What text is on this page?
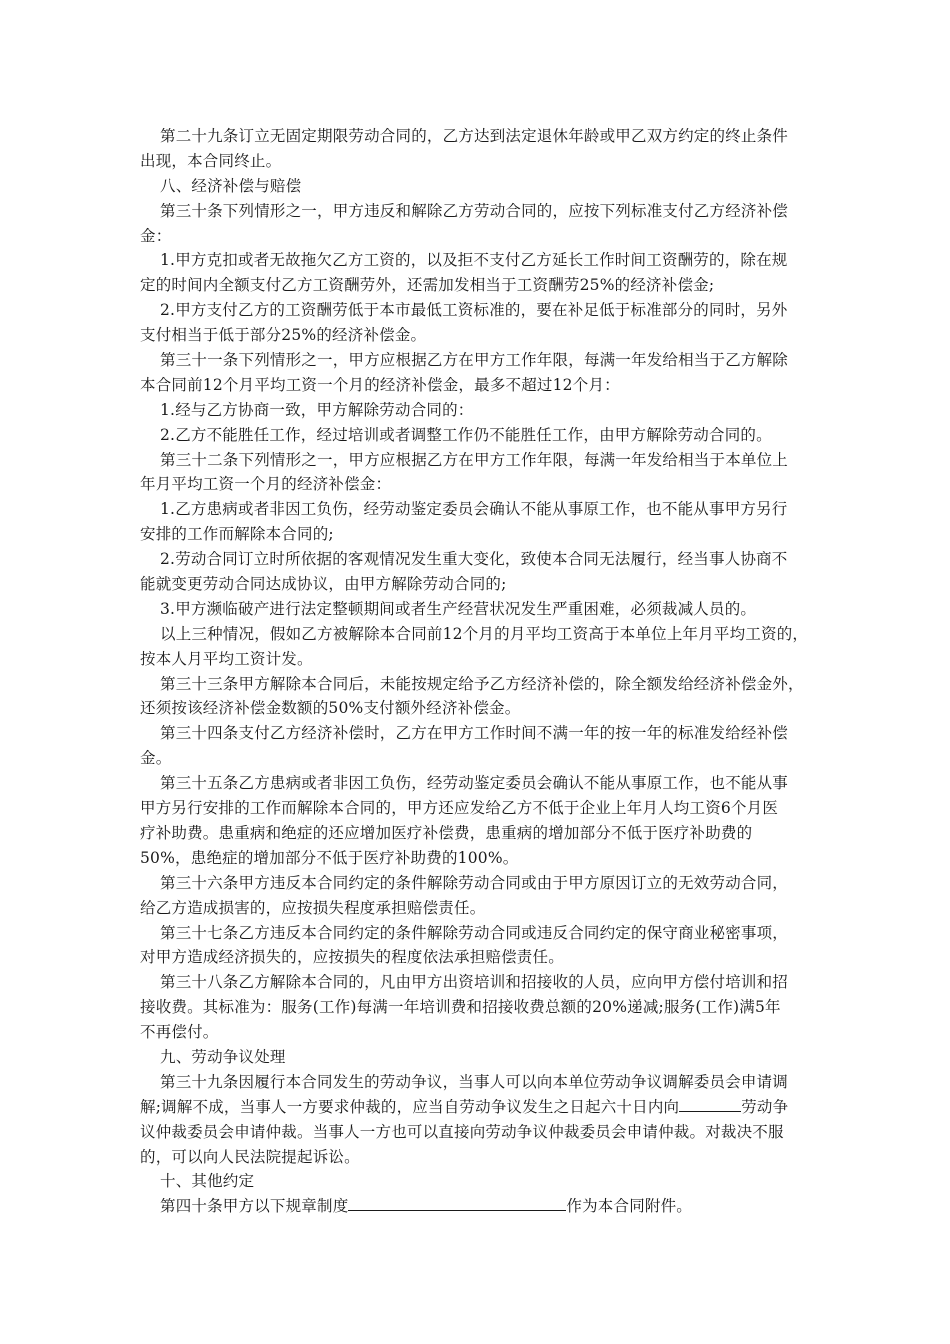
第二十九条订立无固定期限劳动合同的，乙方达到法定退休年龄或甲乙双方约定的终止条件
出现，本合同终止。
八、经济补偿与赔偿
第三十条下列情形之一，甲方违反和解除乙方劳动合同的，应按下列标准支付乙方经济补偿
金：
1.甲方克扣或者无故拖欠乙方工资的，以及拒不支付乙方延长工作时间工资酬劳的，除在规
定的时间内全额支付乙方工资酬劳外，还需加发相当于工资酬劳25%的经济补偿金;
2.甲方支付乙方的工资酬劳低于本市最低工资标准的，要在补足低于标准部分的同时，另外
支付相当于低于部分25%的经济补偿金。
第三十一条下列情形之一，甲方应根据乙方在甲方工作年限，每满一年发给相当于乙方解除
本合同前12个月平均工资一个月的经济补偿金，最多不超过12个月：
1.经与乙方协商一致，甲方解除劳动合同的：
2.乙方不能胜任工作，经过培训或者调整工作仍不能胜任工作，由甲方解除劳动合同的。
第三十二条下列情形之一，甲方应根据乙方在甲方工作年限，每满一年发给相当于本单位上
年月平均工资一个月的经济补偿金：
1.乙方患病或者非因工负伤，经劳动鉴定委员会确认不能从事原工作，也不能从事甲方另行
安排的工作而解除本合同的;
2.劳动合同订立时所依据的客观情况发生重大变化，致使本合同无法履行，经当事人协商不
能就变更劳动合同达成协议，由甲方解除劳动合同的;
3.甲方濒临破产进行法定整顿期间或者生产经营状况发生严重困难，必须裁减人员的。
以上三种情况，假如乙方被解除本合同前12个月的月平均工资高于本单位上年月平均工资的，
按本人月平均工资计发。
第三十三条甲方解除本合同后，未能按规定给予乙方经济补偿的，除全额发给经济补偿金外，
还须按该经济补偿金数额的50%支付额外经济补偿金。
第三十四条支付乙方经济补偿时，乙方在甲方工作时间不满一年的按一年的标准发给经补偿
金。
第三十五条乙方患病或者非因工负伤，经劳动鉴定委员会确认不能从事原工作，也不能从事
甲方另行安排的工作而解除本合同的，甲方还应发给乙方不低于企业上年月人均工资6个月医
疗补助费。患重病和绝症的还应增加医疗补偿费，患重病的增加部分不低于医疗补助费的
50%，患绝症的增加部分不低于医疗补助费的100%。
第三十六条甲方违反本合同约定的条件解除劳动合同或由于甲方原因订立的无效劳动合同，
给乙方造成损害的，应按损失程度承担赔偿责任。
第三十七条乙方违反本合同约定的条件解除劳动合同或违反合同约定的保守商业秘密事项，
对甲方造成经济损失的，应按损失的程度依法承担赔偿责任。
第三十八条乙方解除本合同的，凡由甲方出资培训和招接收的人员，应向甲方偿付培训和招
接收费。其标准为：服务(工作)每满一年培训费和招接收费总额的20%递减;服务(工作)满5年
不再偿付。
九、劳动争议处理
第三十九条因履行本合同发生的劳动争议，当事人可以向本单位劳动争议调解委员会申请调
解;调解不成，当事人一方要求仲裁的，应当自劳动争议发生之日起六十日内向	劳动争
议仲裁委员会申请仲裁。当事人一方也可以直接向劳动争议仲裁委员会申请仲裁。对裁决不服
的，可以向人民法院提起诉讼。
十、其他约定
第四十条甲方以下规章制度	作为本合同附件。
